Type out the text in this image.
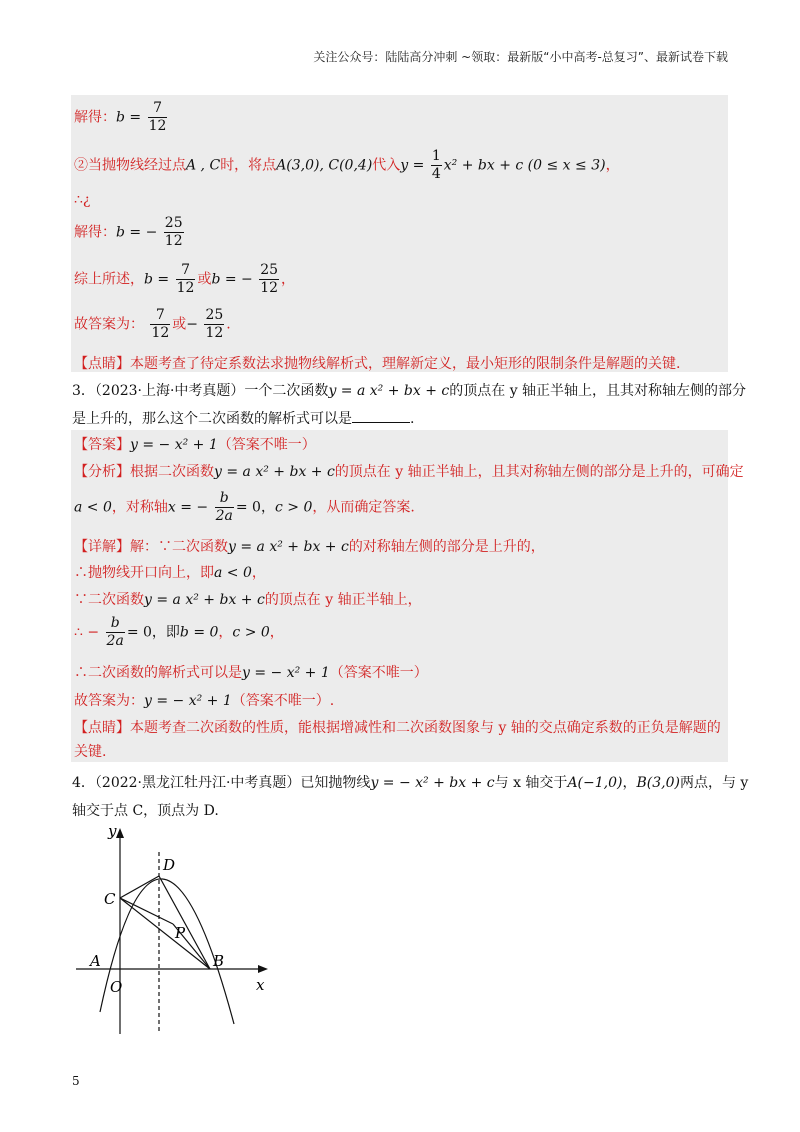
关注公众号：陆陆高分冲刺 ~领取：最新版“小中高考-总复习”、最新试卷下载
解得：$b = \frac{7}{12}$
②当抛物线经过点A , C时，将点A(3,0), C(0,4)代入$y = \frac{1}{4} x^2$ + bx + c (0 ≤ x ≤ 3)，
∴¿
解得：b = − $\frac{25}{12}$
综上所述，$b = \frac{7}{12}$ 或b = − $\frac{25}{12}$ ，
故答案为： $\frac{7}{12}$ 或− $\frac{25}{12}$ .
【点睛】本题考查了待定系数法求抛物线解析式，理解新定义，最小矩形的限制条件是解题的关键.
3．（2023·上海·中考真题）一个二次函数y = a x² + bx + c的顶点在 y 轴正半轴上，且其对称轴左侧的部分
是上升的，那么这个二次函数的解析式可以是	.
【答案】y = − x² + 1（答案不唯一）
【分析】根据二次函数y = a x² + bx + c的顶点在 y 轴正半轴上，且其对称轴左侧的部分是上升的，可确定
a < 0，对称轴x = − $\frac{b}{2a} = 0$，c > 0，从而确定答案.
【详解】解：∵二次函数y = a x² + bx + c的对称轴左侧的部分是上升的，
∴抛物线开口向上，即a < 0，
∵二次函数y = a x² + bx + c的顶点在 y 轴正半轴上，
∴ − $\frac{b}{2a} = 0$，即b = 0，c > 0，
∴二次函数的解析式可以是y = − x² + 1（答案不唯一）
故答案为：y = − x² + 1（答案不唯一）.
【点睛】本题考查二次函数的性质，能根据增减性和二次函数图象与 y 轴的交点确定系数的正负是解题的
关键.
4．（2022·黑龙江牡丹江·中考真题）已知抛物线y = − x² + bx + c与 x 轴交于A(−1,0)，B(3,0)两点，与 y
轴交于点 C，顶点为 D.
y
x
O
A	B
C
D
P
5
